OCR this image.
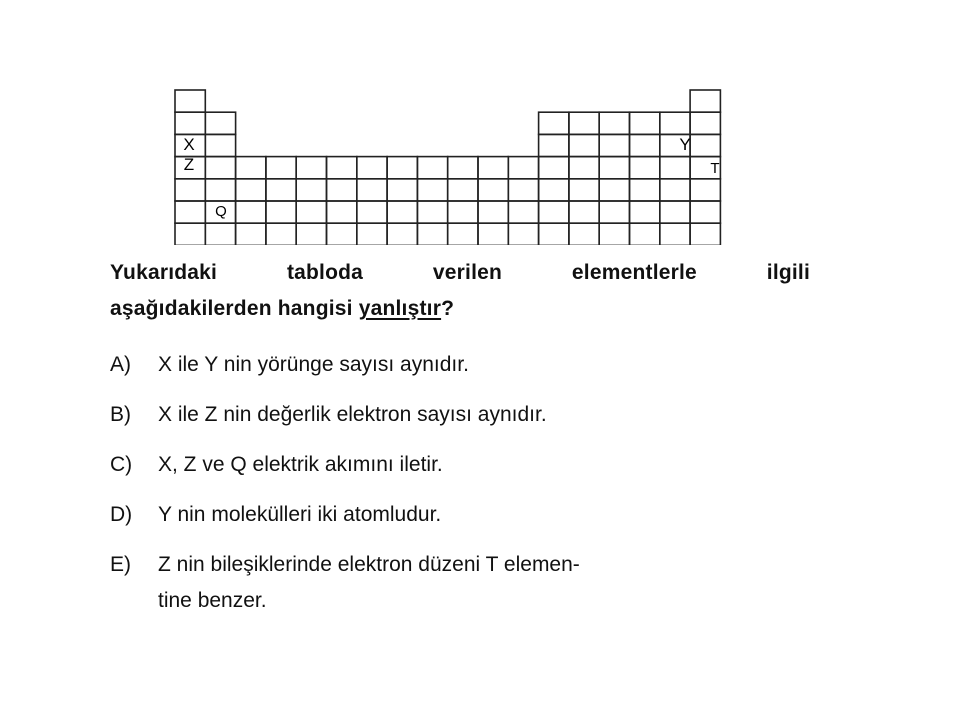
X
Z
Q
Y
T
Yukarıdaki tabloda verilen elementlerle ilgili
aşağıdakilerden hangisi yanlıştır?
A) X ile Y nin yörünge sayısı aynıdır.
B) X ile Z nin değerlik elektron sayısı aynıdır.
C) X, Z ve Q elektrik akımını iletir.
D) Y nin molekülleri iki atomludur.
E) Z nin bileşiklerinde elektron düzeni T elemen-
tine benzer.
